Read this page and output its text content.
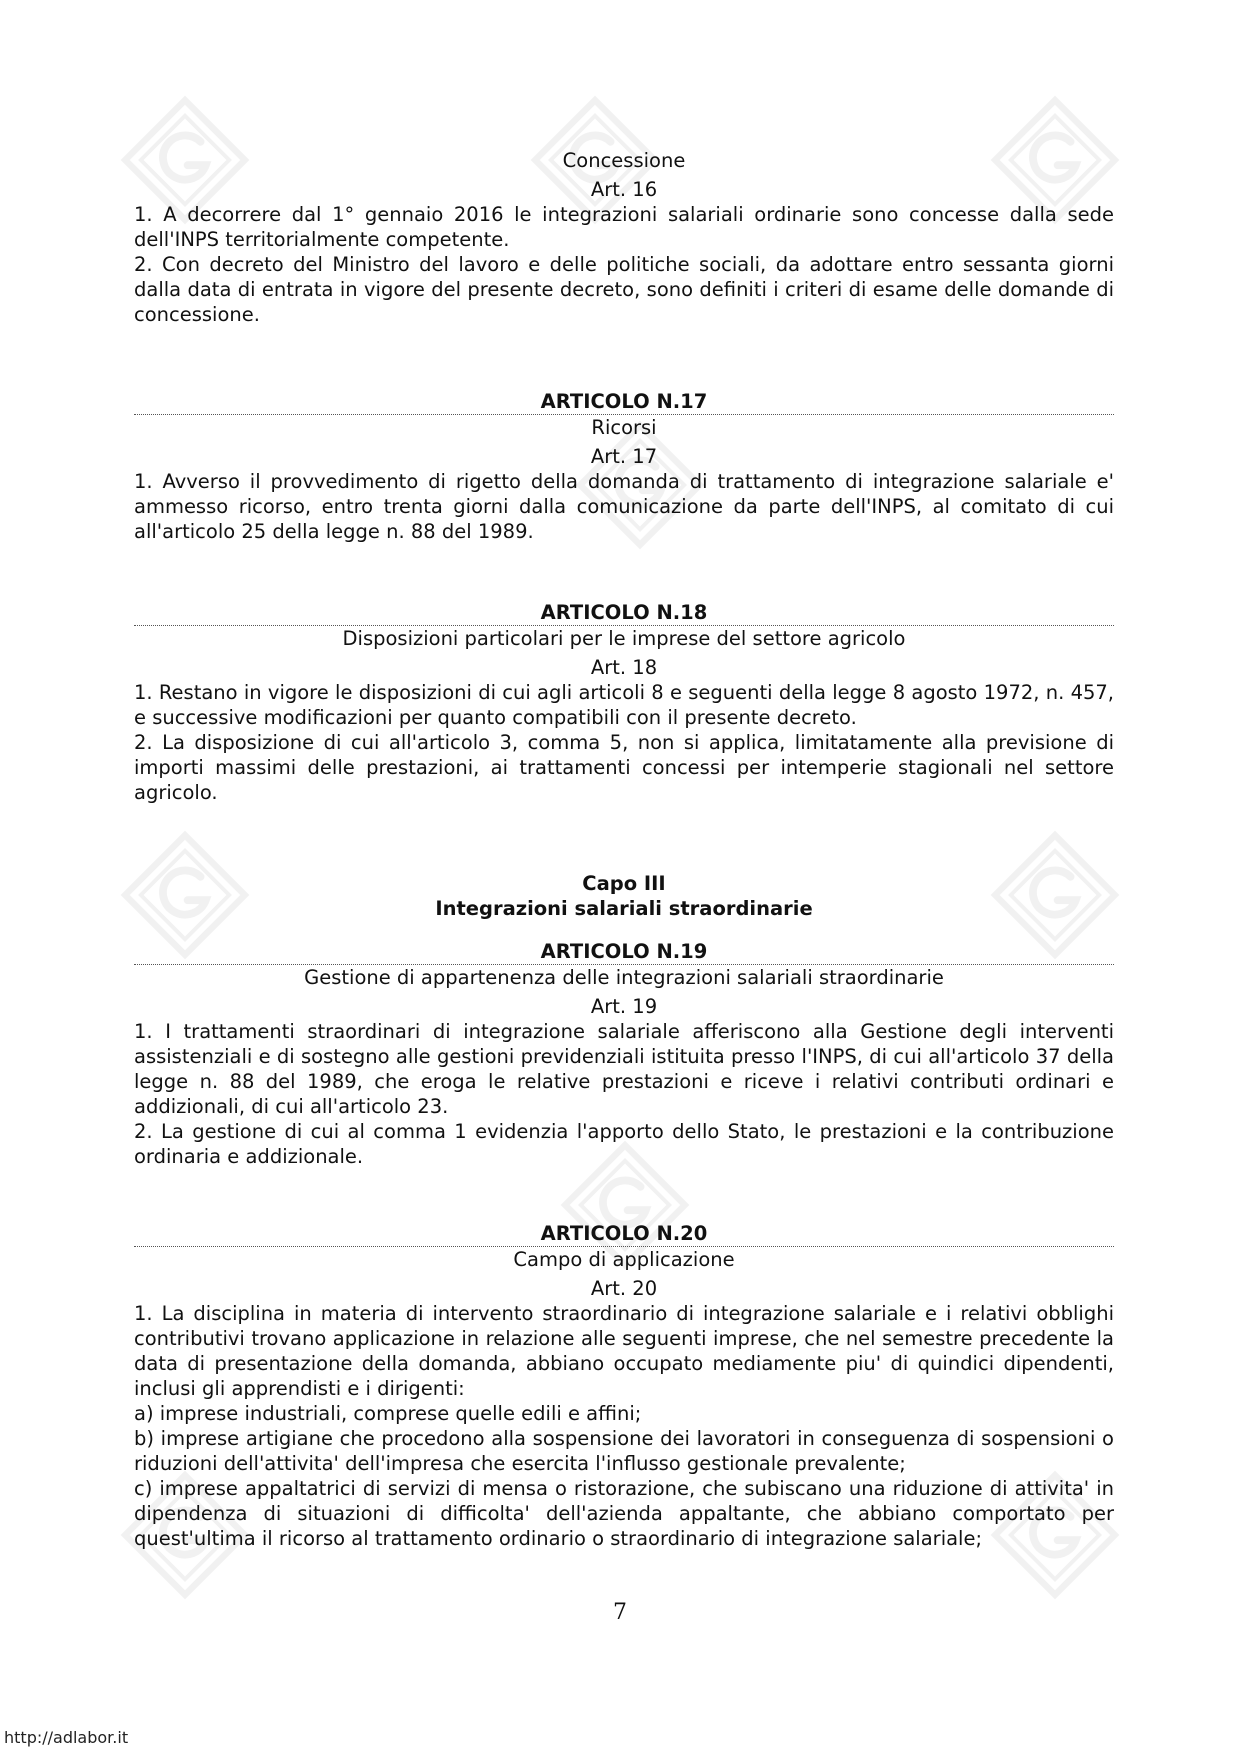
Concessione
Art. 16

1. A decorrere dal 1° gennaio 2016 le integrazioni salariali ordinarie sono concesse dalla sede dell'INPS territorialmente competente.

2. Con decreto del Ministro del lavoro e delle politiche sociali, da adottare entro sessanta giorni dalla data di entrata in vigore del presente decreto, sono definiti i criteri di esame delle domande di concessione.

ARTICOLO N.17
Ricorsi
Art. 17

1. Avverso il provvedimento di rigetto della domanda di trattamento di integrazione salariale e' ammesso ricorso, entro trenta giorni dalla comunicazione da parte dell'INPS, al comitato di cui all'articolo 25 della legge n. 88 del 1989.

ARTICOLO N.18
Disposizioni particolari per le imprese del settore agricolo
Art. 18

1. Restano in vigore le disposizioni di cui agli articoli 8 e seguenti della legge 8 agosto 1972, n. 457, e successive modificazioni per quanto compatibili con il presente decreto.

2. La disposizione di cui all'articolo 3, comma 5, non si applica, limitatamente alla previsione di importi massimi delle prestazioni, ai trattamenti concessi per intemperie stagionali nel settore agricolo.

Capo III
Integrazioni salariali straordinarie
ARTICOLO N.19
Gestione di appartenenza delle integrazioni salariali straordinarie
Art. 19

1. I trattamenti straordinari di integrazione salariale afferiscono alla Gestione degli interventi assistenziali e di sostegno alle gestioni previdenziali istituita presso l'INPS, di cui all'articolo 37 della legge n. 88 del 1989, che eroga le relative prestazioni e riceve i relativi contributi ordinari e addizionali, di cui all'articolo 23.

2. La gestione di cui al comma 1 evidenzia l'apporto dello Stato, le prestazioni e la contribuzione ordinaria e addizionale.

ARTICOLO N.20
Campo di applicazione
Art. 20

1. La disciplina in materia di intervento straordinario di integrazione salariale e i relativi obblighi contributivi trovano applicazione in relazione alle seguenti imprese, che nel semestre precedente la data di presentazione della domanda, abbiano occupato mediamente piu' di quindici dipendenti, inclusi gli apprendisti e i dirigenti:

a) imprese industriali, comprese quelle edili e affini;

b) imprese artigiane che procedono alla sospensione dei lavoratori in conseguenza di sospensioni o riduzioni dell'attivita' dell'impresa che esercita l'influsso gestionale prevalente;

c) imprese appaltatrici di servizi di mensa o ristorazione, che subiscano una riduzione di attivita' in dipendenza di situazioni di difficolta' dell'azienda appaltante, che abbiano comportato per quest'ultima il ricorso al trattamento ordinario o straordinario di integrazione salariale;

7
http://adlabor.it
